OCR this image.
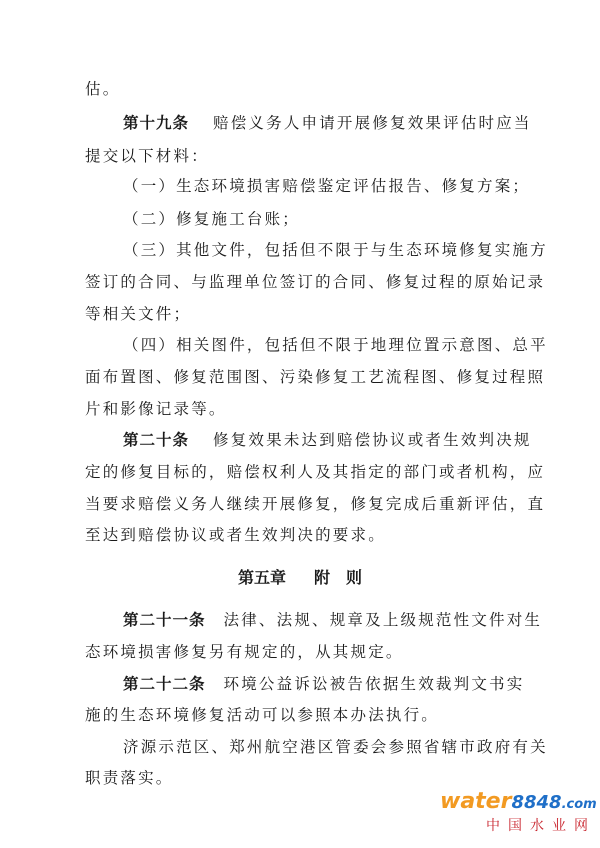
估。
第十九条 赔偿义务人申请开展修复效果评估时应当
提交以下材料：
（一）生态环境损害赔偿鉴定评估报告、修复方案；
（二）修复施工台账；
（三）其他文件，包括但不限于与生态环境修复实施方
签订的合同、与监理单位签订的合同、修复过程的原始记录
等相关文件；
（四）相关图件，包括但不限于地理位置示意图、总平
面布置图、修复范围图、污染修复工艺流程图、修复过程照
片和影像记录等。
第二十条 修复效果未达到赔偿协议或者生效判决规
定的修复目标的，赔偿权利人及其指定的部门或者机构，应
当要求赔偿义务人继续开展修复，修复完成后重新评估，直
至达到赔偿协议或者生效判决的要求。
第五章 附　则
第二十一条 法律、法规、规章及上级规范性文件对生
态环境损害修复另有规定的，从其规定。
第二十二条 环境公益诉讼被告依据生效裁判文书实
施的生态环境修复活动可以参照本办法执行。
济源示范区、郑州航空港区管委会参照省辖市政府有关
职责落实。
water8848.com
中国水业网
